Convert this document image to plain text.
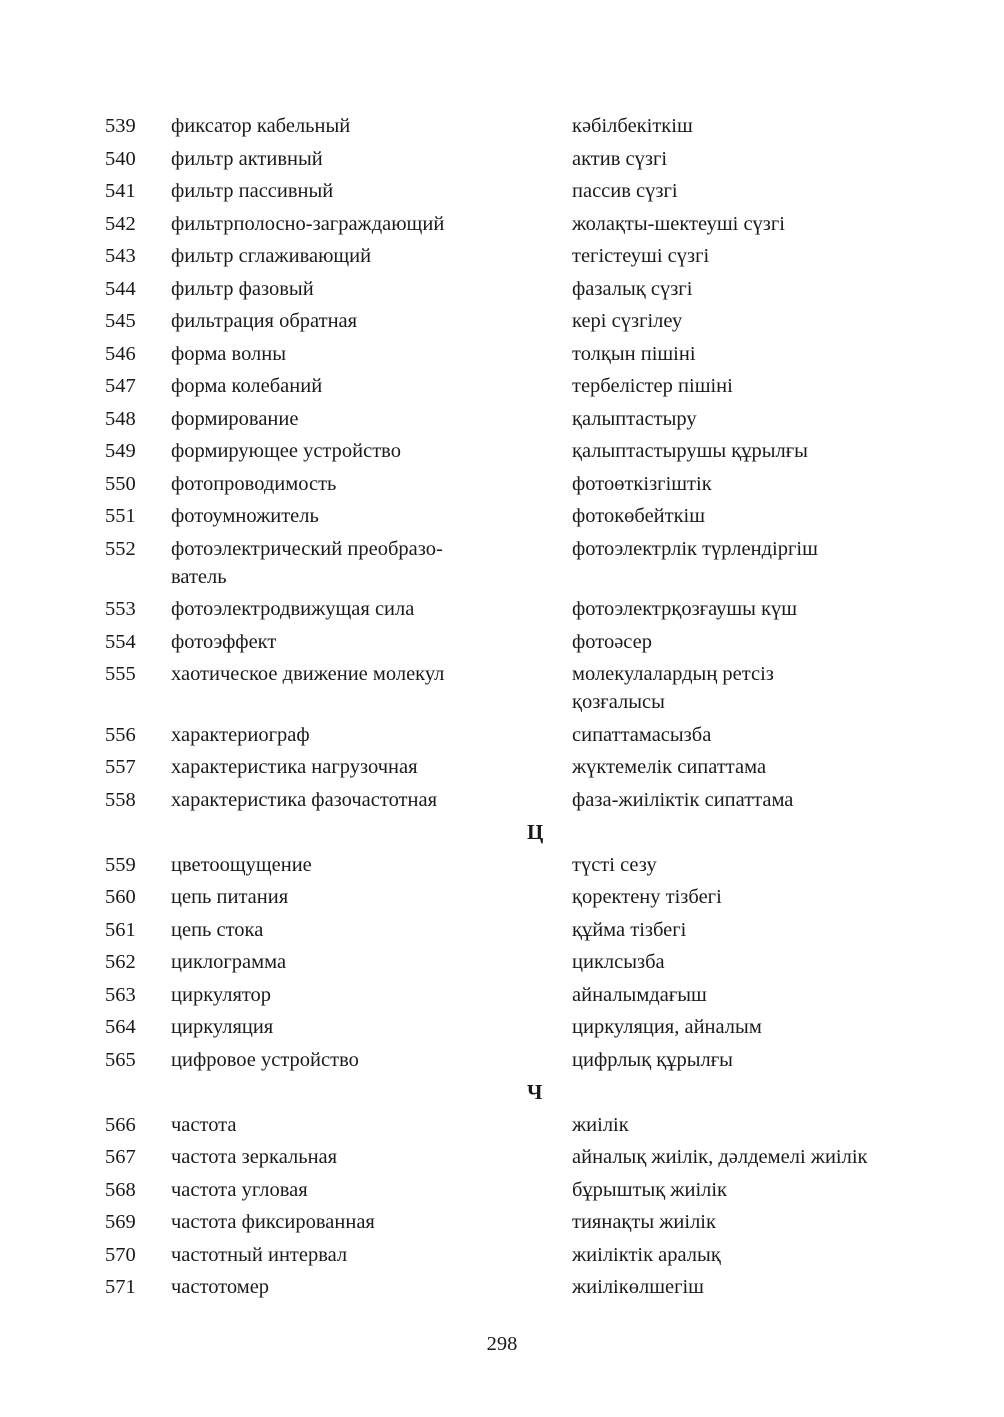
539 фиксатор кабельный	кәбілбекіткіш
540 фильтр активный	актив сүзгі
541 фильтр пассивный	пассив сүзгі
542 фильтрполосно-заграждающий	жолақты-шектеуші сүзгі
543 фильтр сглаживающий	тегістеуші сүзгі
544 фильтр фазовый	фазалық сүзгі
545 фильтрация обратная	кері сүзгілеу
546 форма волны	толқын пішіні
547 форма колебаний	тербелістер пішіні
548 формирование	қалыптастыру
549 формирующее устройство	қалыптастырушы құрылғы
550 фотопроводимость	фотоөткізгіштік
551 фотоумножитель	фотокөбейткіш
552 фотоэлектрический преобразо-	фотоэлектрлік түрлендіргіш
ватель
553 фотоэлектродвижущая сила	фотоэлектрқозғаушы күш
554 фотоэффект	фотоәсер
555 хаотическое движение молекул	молекулалардың ретсіз
қозғалысы
556 характериограф	сипаттамасызба
557 характеристика нагрузочная	жүктемелік сипаттама
558 характеристика фазочастотная	фаза-жиіліктік сипаттама
Ц
559 цветоощущение	түсті сезу
560 цепь питания	қоректену тізбегі
561 цепь стока	құйма тізбегі
562 циклограмма	циклсызба
563 циркулятор	айналымдағыш
564 циркуляция	циркуляция, айналым
565 цифровое устройство	цифрлық құрылғы
Ч
566 частота	жиілік
567 частота зеркальная	айналық жиілік, дәлдемелі жиілік
568 частота угловая	бұрыштық жиілік
569 частота фиксированная	тиянақты жиілік
570 частотный интервал	жиіліктік аралық
571 частотомер	жиілікөлшегіш
298
